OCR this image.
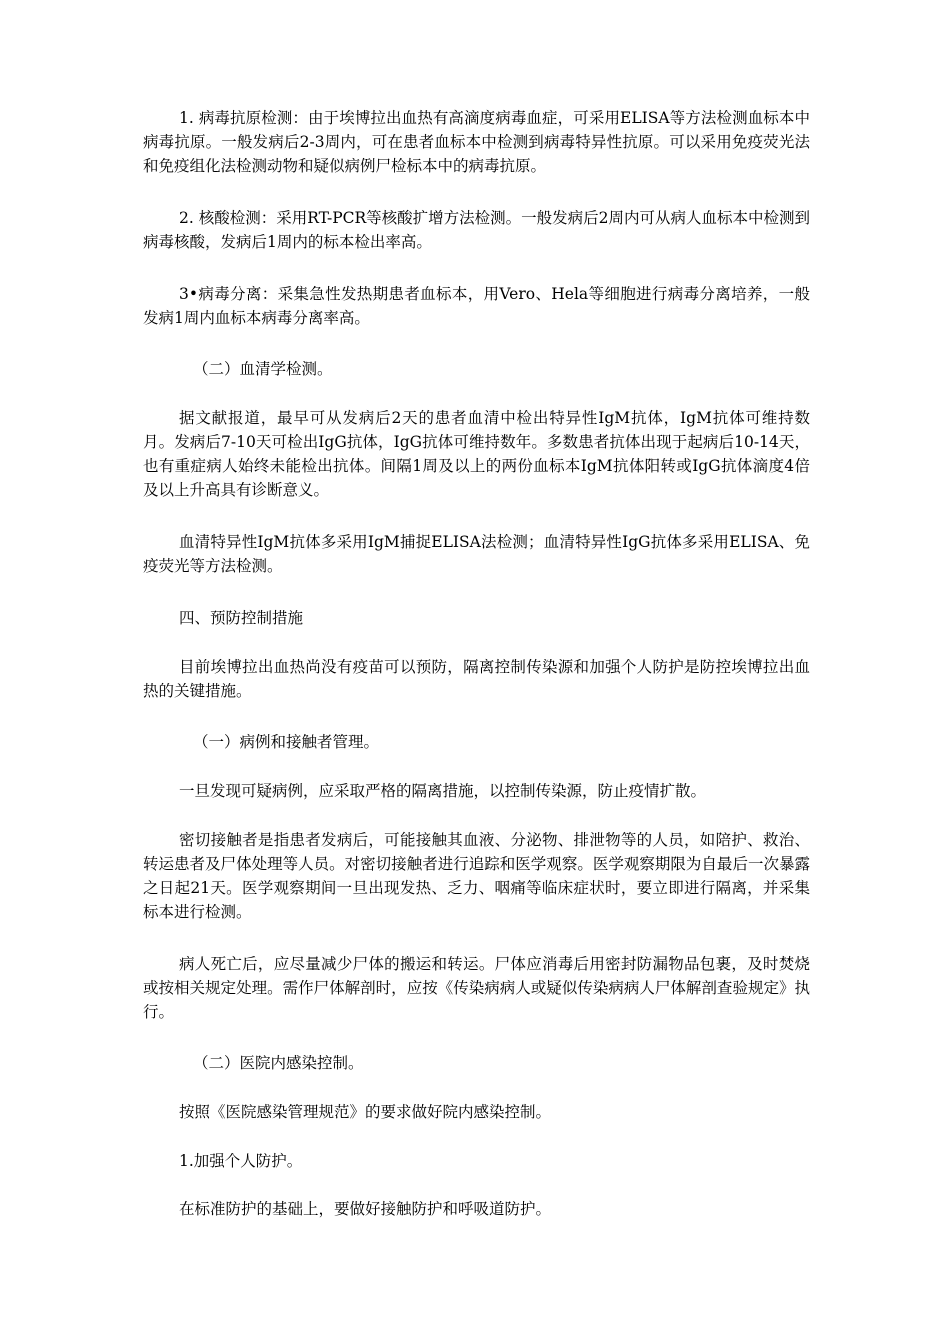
1. 病毒抗原检测：由于埃博拉出血热有高滴度病毒血症，可采用ELISA等方法检测血标本中病毒抗原。一般发病后2-3周内，可在患者血标本中检测到病毒特异性抗原。可以采用免疫荧光法和免疫组化法检测动物和疑似病例尸检标本中的病毒抗原。

2. 核酸检测：采用RT-PCR等核酸扩增方法检测。一般发病后2周内可从病人血标本中检测到病毒核酸，发病后1周内的标本检出率高。

3•病毒分离：采集急性发热期患者血标本，用Vero、Hela等细胞进行病毒分离培养，一般发病1周内血标本病毒分离率高。

（二）血清学检测。

据文献报道，最早可从发病后2天的患者血清中检出特异性IgM抗体，IgM抗体可维持数月。发病后7-10天可检出IgG抗体，IgG抗体可维持数年。多数患者抗体出现于起病后10-14天，也有重症病人始终未能检出抗体。间隔1周及以上的两份血标本IgM抗体阳转或IgG抗体滴度4倍及以上升高具有诊断意义。

血清特异性IgM抗体多采用IgM捕捉ELISA法检测；血清特异性IgG抗体多采用ELISA、免疫荧光等方法检测。

四、预防控制措施

目前埃博拉出血热尚没有疫苗可以预防，隔离控制传染源和加强个人防护是防控埃博拉出血热的关键措施。

（一）病例和接触者管理。

一旦发现可疑病例，应采取严格的隔离措施，以控制传染源，防止疫情扩散。

密切接触者是指患者发病后，可能接触其血液、分泌物、排泄物等的人员，如陪护、救治、转运患者及尸体处理等人员。对密切接触者进行追踪和医学观察。医学观察期限为自最后一次暴露之日起21天。医学观察期间一旦出现发热、乏力、咽痛等临床症状时，要立即进行隔离，并采集标本进行检测。

病人死亡后，应尽量减少尸体的搬运和转运。尸体应消毒后用密封防漏物品包裹，及时焚烧或按相关规定处理。需作尸体解剖时，应按《传染病病人或疑似传染病病人尸体解剖查验规定》执行。

（二）医院内感染控制。

按照《医院感染管理规范》的要求做好院内感染控制。

1.加强个人防护。

在标准防护的基础上，要做好接触防护和呼吸道防护。
